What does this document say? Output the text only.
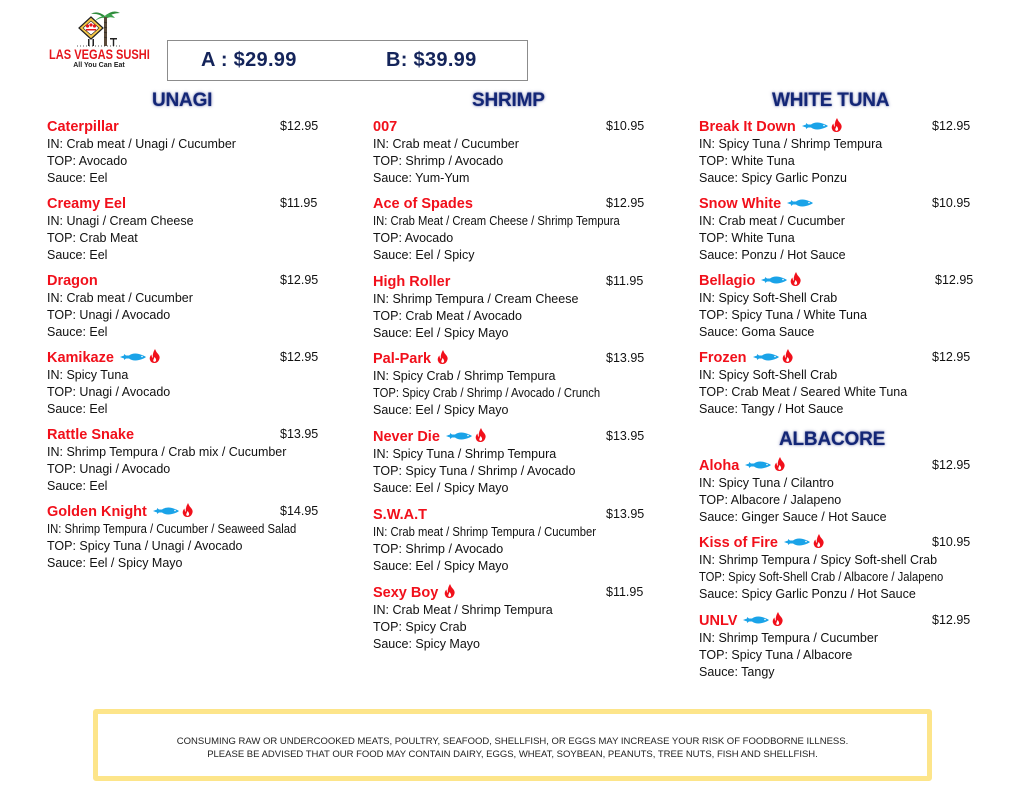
LAS VEGAS SUSHI
All You Can Eat	A : $29.99	B: $39.99
UNAGI	SHRIMP	WHITE TUNA
ALBACORE
Caterpillar	$12.95
IN: Crab meat / Unagi / Cucumber
TOP: Avocado
Sauce: Eel
Creamy Eel	$11.95
IN: Unagi / Cream Cheese
TOP: Crab Meat
Sauce: Eel
Dragon	$12.95
IN: Crab meat / Cucumber
TOP: Unagi / Avocado
Sauce: Eel
Kamikaze	$12.95
IN: Spicy Tuna
TOP: Unagi / Avocado
Sauce: Eel
Rattle Snake	$13.95
IN: Shrimp Tempura / Crab mix / Cucumber
TOP: Unagi / Avocado
Sauce: Eel
Golden Knight	$14.95
IN: Shrimp Tempura / Cucumber / Seaweed Salad
TOP: Spicy Tuna / Unagi / Avocado
Sauce: Eel / Spicy Mayo
007	$10.95
IN: Crab meat / Cucumber
TOP: Shrimp / Avocado
Sauce: Yum-Yum
Ace of Spades	$12.95
IN: Crab Meat / Cream Cheese / Shrimp Tempura
TOP: Avocado
Sauce: Eel / Spicy
High Roller	$11.95
IN: Shrimp Tempura / Cream Cheese
TOP: Crab Meat / Avocado
Sauce: Eel / Spicy Mayo
Pal-Park	$13.95
IN: Spicy Crab / Shrimp Tempura
TOP: Spicy Crab / Shrimp / Avocado / Crunch
Sauce: Eel / Spicy Mayo
Never Die	$13.95
IN: Spicy Tuna / Shrimp Tempura
TOP: Spicy Tuna / Shrimp / Avocado
Sauce: Eel / Spicy Mayo
S.W.A.T	$13.95
IN: Crab meat / Shrimp Tempura / Cucumber
TOP: Shrimp / Avocado
Sauce: Eel / Spicy Mayo
Sexy Boy	$11.95
IN: Crab Meat / Shrimp Tempura
TOP: Spicy Crab
Sauce: Spicy Mayo
Break It Down	$12.95
IN: Spicy Tuna / Shrimp Tempura
TOP: White Tuna
Sauce: Spicy Garlic Ponzu
Snow White	$10.95
IN: Crab meat / Cucumber
TOP: White Tuna
Sauce: Ponzu / Hot Sauce
Bellagio	$12.95
IN: Spicy Soft-Shell Crab
TOP: Spicy Tuna / White Tuna
Sauce: Goma Sauce
Frozen	$12.95
IN: Spicy Soft-Shell Crab
TOP: Crab Meat / Seared White Tuna
Sauce: Tangy / Hot Sauce
Aloha	$12.95
IN: Spicy Tuna / Cilantro
TOP: Albacore / Jalapeno
Sauce: Ginger Sauce / Hot Sauce
Kiss of Fire	$10.95
IN: Shrimp Tempura / Spicy Soft-shell Crab
TOP: Spicy Soft-Shell Crab / Albacore / Jalapeno
Sauce: Spicy Garlic Ponzu / Hot Sauce
UNLV	$12.95
IN: Shrimp Tempura / Cucumber
TOP: Spicy Tuna / Albacore
Sauce: Tangy
CONSUMING RAW OR UNDERCOOKED MEATS, POULTRY, SEAFOOD, SHELLFISH, OR EGGS MAY INCREASE YOUR RISK OF FOODBORNE ILLNESS.
PLEASE BE ADVISED THAT OUR FOOD MAY CONTAIN DAIRY, EGGS, WHEAT, SOYBEAN, PEANUTS, TREE NUTS, FISH AND SHELLFISH.
